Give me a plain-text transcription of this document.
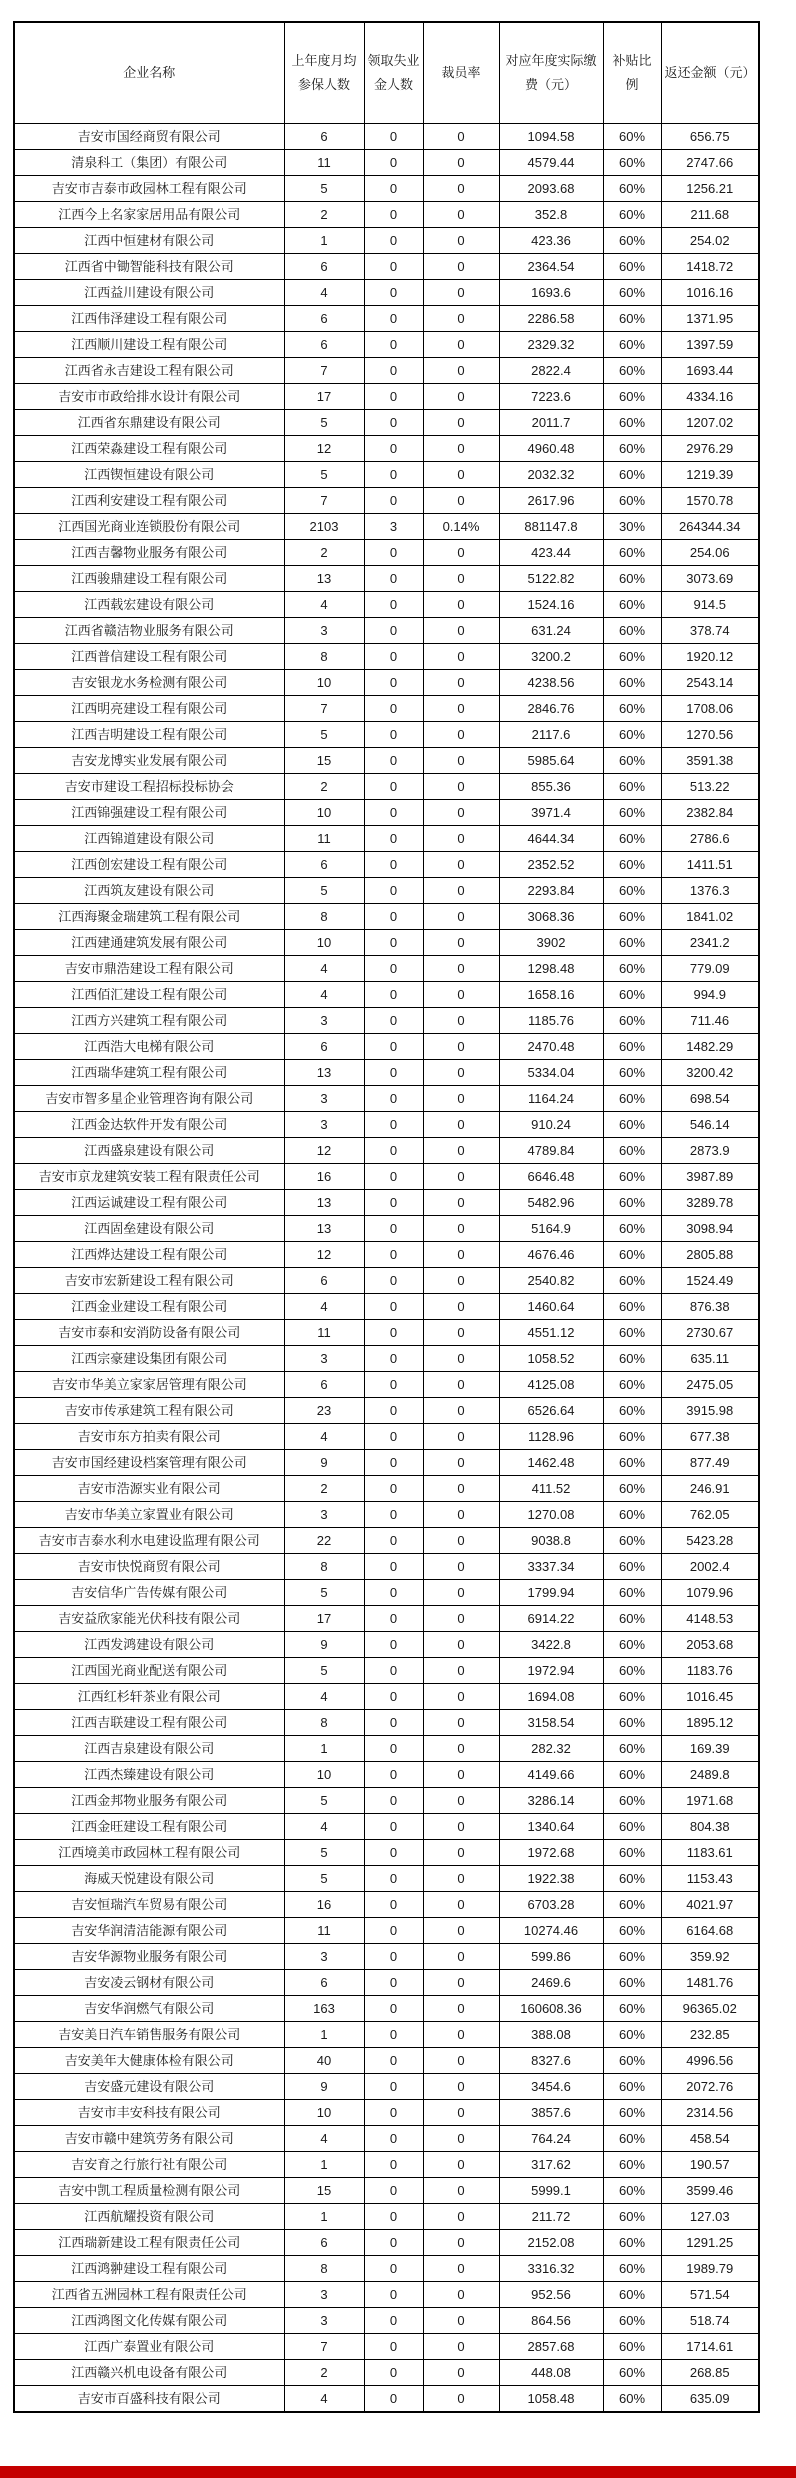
企业名称	上年度月均参保人数	领取失业金人数	裁员率	对应年度实际缴费（元）	补贴比例	返还金额（元）
吉安市国经商贸有限公司	6	0	0	1094.58	60%	656.75
清泉科工（集团）有限公司	11	0	0	4579.44	60%	2747.66
吉安市吉泰市政园林工程有限公司	5	0	0	2093.68	60%	1256.21
江西今上名家家居用品有限公司	2	0	0	352.8	60%	211.68
江西中恒建材有限公司	1	0	0	423.36	60%	254.02
江西省中锄智能科技有限公司	6	0	0	2364.54	60%	1418.72
江西益川建设有限公司	4	0	0	1693.6	60%	1016.16
江西伟泽建设工程有限公司	6	0	0	2286.58	60%	1371.95
江西顺川建设工程有限公司	6	0	0	2329.32	60%	1397.59
江西省永吉建设工程有限公司	7	0	0	2822.4	60%	1693.44
吉安市市政给排水设计有限公司	17	0	0	7223.6	60%	4334.16
江西省东鼎建设有限公司	5	0	0	2011.7	60%	1207.02
江西荣淼建设工程有限公司	12	0	0	4960.48	60%	2976.29
江西锲恒建设有限公司	5	0	0	2032.32	60%	1219.39
江西利安建设工程有限公司	7	0	0	2617.96	60%	1570.78
江西国光商业连锁股份有限公司	2103	3	0.14%	881147.8	30%	264344.34
江西吉馨物业服务有限公司	2	0	0	423.44	60%	254.06
江西骏鼎建设工程有限公司	13	0	0	5122.82	60%	3073.69
江西载宏建设有限公司	4	0	0	1524.16	60%	914.5
江西省赣洁物业服务有限公司	3	0	0	631.24	60%	378.74
江西普信建设工程有限公司	8	0	0	3200.2	60%	1920.12
吉安银龙水务检测有限公司	10	0	0	4238.56	60%	2543.14
江西明亮建设工程有限公司	7	0	0	2846.76	60%	1708.06
江西吉明建设工程有限公司	5	0	0	2117.6	60%	1270.56
吉安龙博实业发展有限公司	15	0	0	5985.64	60%	3591.38
吉安市建设工程招标投标协会	2	0	0	855.36	60%	513.22
江西锦强建设工程有限公司	10	0	0	3971.4	60%	2382.84
江西锦道建设有限公司	11	0	0	4644.34	60%	2786.6
江西创宏建设工程有限公司	6	0	0	2352.52	60%	1411.51
江西筑友建设有限公司	5	0	0	2293.84	60%	1376.3
江西海聚金瑞建筑工程有限公司	8	0	0	3068.36	60%	1841.02
江西建通建筑发展有限公司	10	0	0	3902	60%	2341.2
吉安市鼎浩建设工程有限公司	4	0	0	1298.48	60%	779.09
江西佰汇建设工程有限公司	4	0	0	1658.16	60%	994.9
江西方兴建筑工程有限公司	3	0	0	1185.76	60%	711.46
江西浩大电梯有限公司	6	0	0	2470.48	60%	1482.29
江西瑞华建筑工程有限公司	13	0	0	5334.04	60%	3200.42
吉安市智多星企业管理咨询有限公司	3	0	0	1164.24	60%	698.54
江西金达软件开发有限公司	3	0	0	910.24	60%	546.14
江西盛泉建设有限公司	12	0	0	4789.84	60%	2873.9
吉安市京龙建筑安装工程有限责任公司	16	0	0	6646.48	60%	3987.89
江西运诚建设工程有限公司	13	0	0	5482.96	60%	3289.78
江西固垒建设有限公司	13	0	0	5164.9	60%	3098.94
江西烨达建设工程有限公司	12	0	0	4676.46	60%	2805.88
吉安市宏新建设工程有限公司	6	0	0	2540.82	60%	1524.49
江西金业建设工程有限公司	4	0	0	1460.64	60%	876.38
吉安市泰和安消防设备有限公司	11	0	0	4551.12	60%	2730.67
江西宗豪建设集团有限公司	3	0	0	1058.52	60%	635.11
吉安市华美立家家居管理有限公司	6	0	0	4125.08	60%	2475.05
吉安市传承建筑工程有限公司	23	0	0	6526.64	60%	3915.98
吉安市东方拍卖有限公司	4	0	0	1128.96	60%	677.38
吉安市国经建设档案管理有限公司	9	0	0	1462.48	60%	877.49
吉安市浩源实业有限公司	2	0	0	411.52	60%	246.91
吉安市华美立家置业有限公司	3	0	0	1270.08	60%	762.05
吉安市吉泰水利水电建设监理有限公司	22	0	0	9038.8	60%	5423.28
吉安市快悦商贸有限公司	8	0	0	3337.34	60%	2002.4
吉安信华广告传媒有限公司	5	0	0	1799.94	60%	1079.96
吉安益欣家能光伏科技有限公司	17	0	0	6914.22	60%	4148.53
江西发鸿建设有限公司	9	0	0	3422.8	60%	2053.68
江西国光商业配送有限公司	5	0	0	1972.94	60%	1183.76
江西红杉轩茶业有限公司	4	0	0	1694.08	60%	1016.45
江西吉联建设工程有限公司	8	0	0	3158.54	60%	1895.12
江西吉泉建设有限公司	1	0	0	282.32	60%	169.39
江西杰臻建设有限公司	10	0	0	4149.66	60%	2489.8
江西金邦物业服务有限公司	5	0	0	3286.14	60%	1971.68
江西金旺建设工程有限公司	4	0	0	1340.64	60%	804.38
江西境美市政园林工程有限公司	5	0	0	1972.68	60%	1183.61
海威天悦建设有限公司	5	0	0	1922.38	60%	1153.43
吉安恒瑞汽车贸易有限公司	16	0	0	6703.28	60%	4021.97
吉安华润清洁能源有限公司	11	0	0	10274.46	60%	6164.68
吉安华源物业服务有限公司	3	0	0	599.86	60%	359.92
吉安凌云钢材有限公司	6	0	0	2469.6	60%	1481.76
吉安华润燃气有限公司	163	0	0	160608.36	60%	96365.02
吉安美日汽车销售服务有限公司	1	0	0	388.08	60%	232.85
吉安美年大健康体检有限公司	40	0	0	8327.6	60%	4996.56
吉安盛元建设有限公司	9	0	0	3454.6	60%	2072.76
吉安市丰安科技有限公司	10	0	0	3857.6	60%	2314.56
吉安市赣中建筑劳务有限公司	4	0	0	764.24	60%	458.54
吉安育之行旅行社有限公司	1	0	0	317.62	60%	190.57
吉安中凯工程质量检测有限公司	15	0	0	5999.1	60%	3599.46
江西航耀投资有限公司	1	0	0	211.72	60%	127.03
江西瑞新建设工程有限责任公司	6	0	0	2152.08	60%	1291.25
江西鸿翀建设工程有限公司	8	0	0	3316.32	60%	1989.79
江西省五洲园林工程有限责任公司	3	0	0	952.56	60%	571.54
江西鸿图文化传媒有限公司	3	0	0	864.56	60%	518.74
江西广泰置业有限公司	7	0	0	2857.68	60%	1714.61
江西赣兴机电设备有限公司	2	0	0	448.08	60%	268.85
吉安市百盛科技有限公司	4	0	0	1058.48	60%	635.09
